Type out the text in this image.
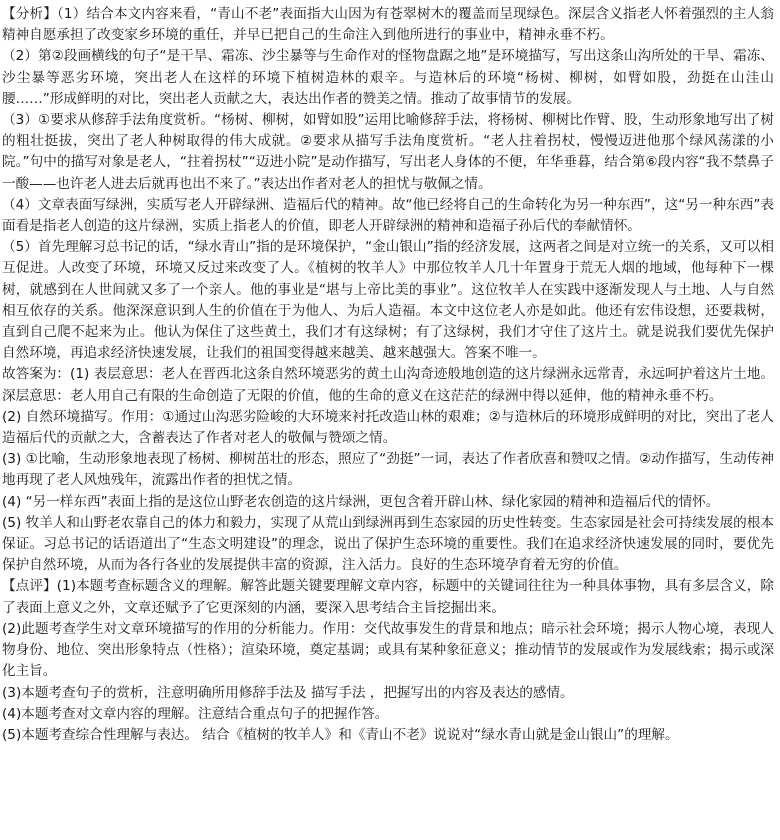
【分析】（1）结合本文内容来看，“青山不老”表面指大山因为有苍翠树木的覆盖而呈现绿色。深层含义指老人怀着强烈的主人翁精神自愿承担了改变家乡环境的重任，并早已把自己的生命注入到他所进行的事业中，精神永垂不朽。

（2）第②段画横线的句子“是干旱、霜冻、沙尘暴等与生命作对的怪物盘踞之地”是环境描写，写出这条山沟所处的干旱、霜冻、沙尘暴等恶劣环境，突出老人在这样的环境下植树造林的艰辛。与造林后的环境“杨树、柳树，如臂如股，劲挺在山洼山腰……”形成鲜明的对比，突出老人贡献之大，表达出作者的赞美之情。推动了故事情节的发展。

（3）①要求从修辞手法角度赏析。“杨树、柳树，如臂如股”运用比喻修辞手法，将杨树、柳树比作臂、股，生动形象地写出了树的粗壮挺拔，突出了老人种树取得的伟大成就。②要求从描写手法角度赏析。“老人拄着拐杖，慢慢迈进他那个绿风荡漾的小院。”句中的描写对象是老人，“拄着拐杖”“迈进小院”是动作描写，写出老人身体的不便，年华垂暮，结合第⑥段内容“我不禁鼻子一酸——也许老人进去后就再也出不来了。”表达出作者对老人的担忧与敬佩之情。

（4）文章表面写绿洲，实质写老人开辟绿洲、造福后代的精神。故“他已经将自己的生命转化为另一种东西”，这“另一种东西”表面看是指老人创造的这片绿洲，实质上指老人的价值，即老人开辟绿洲的精神和造福子孙后代的奉献情怀。

（5）首先理解习总书记的话，“绿水青山”指的是环境保护，“金山银山”指的经济发展，这两者之间是对立统一的关系，又可以相互促进。人改变了环境，环境又反过来改变了人。《植树的牧羊人》中那位牧羊人几十年置身于荒无人烟的地域，他每种下一棵树，就感到在人世间就又多了一个亲人。他的事业是“堪与上帝比美的事业”。这位牧羊人在实践中逐渐发现人与土地、人与自然相互依存的关系。他深深意识到人生的价值在于为他人、为后人造福。本文中这位老人亦是如此。他还有宏伟设想，还要栽树，直到自己爬不起来为止。他认为保住了这些黄土，我们才有这绿树；有了这绿树，我们才守住了这片土。就是说我们要优先保护自然环境，再追求经济快速发展，让我们的祖国变得越来越美、越来越强大。答案不唯一。

故答案为：(1) 表层意思：老人在晋西北这条自然环境恶劣的黄土山沟奇迹般地创造的这片绿洲永远常青，永远呵护着这片土地。深层意思：老人用自己有限的生命创造了无限的价值，他的生命的意义在这茫茫的绿洲中得以延伸，他的精神永垂不朽。

(2) 自然环境描写。作用：①通过山沟恶劣险峻的大环境来衬托改造山林的艰难；②与造林后的环境形成鲜明的对比，突出了老人造福后代的贡献之大，含蓄表达了作者对老人的敬佩与赞颂之情。

(3) ①比喻，生动形象地表现了杨树、柳树茁壮的形态，照应了“劲挺”一词，表达了作者欣喜和赞叹之情。②动作描写，生动传神地再现了老人风烛残年，流露出作者的担忧之情。

(4) “另一样东西”表面上指的是这位山野老农创造的这片绿洲，更包含着开辟山林、绿化家园的精神和造福后代的情怀。

(5) 牧羊人和山野老农靠自己的体力和毅力，实现了从荒山到绿洲再到生态家园的历史性转变。生态家园是社会可持续发展的根本保证。习总书记的话语道出了“生态文明建设”的理念，说出了保护生态环境的重要性。我们在追求经济快速发展的同时，要优先保护自然环境，从而为各行各业的发展提供丰富的资源，注入活力。良好的生态环境孕育着无穷的价值。

【点评】(1)本题考查标题含义的理解。解答此题关键要理解文章内容，标题中的关键词往往为一种具体事物，具有多层含义，除了表面上意义之外，文章还赋予了它更深刻的内涵，要深入思考结合主旨挖掘出来。

(2)此题考查学生对文章环境描写的作用的分析能力。作用：交代故事发生的背景和地点；暗示社会环境；揭示人物心境，表现人物身份、地位、突出形象特点（性格）；渲染环境，奠定基调；或具有某种象征意义；推动情节的发展或作为发展线索；揭示或深化主旨。

(3)本题考查句子的赏析，注意明确所用修辞手法及 描写手法 ，把握写出的内容及表达的感情。

(4)本题考查对文章内容的理解。注意结合重点句子的把握作答。

(5)本题考查综合性理解与表达。 结合《植树的牧羊人》和《青山不老》说说对“绿水青山就是金山银山”的理解。
